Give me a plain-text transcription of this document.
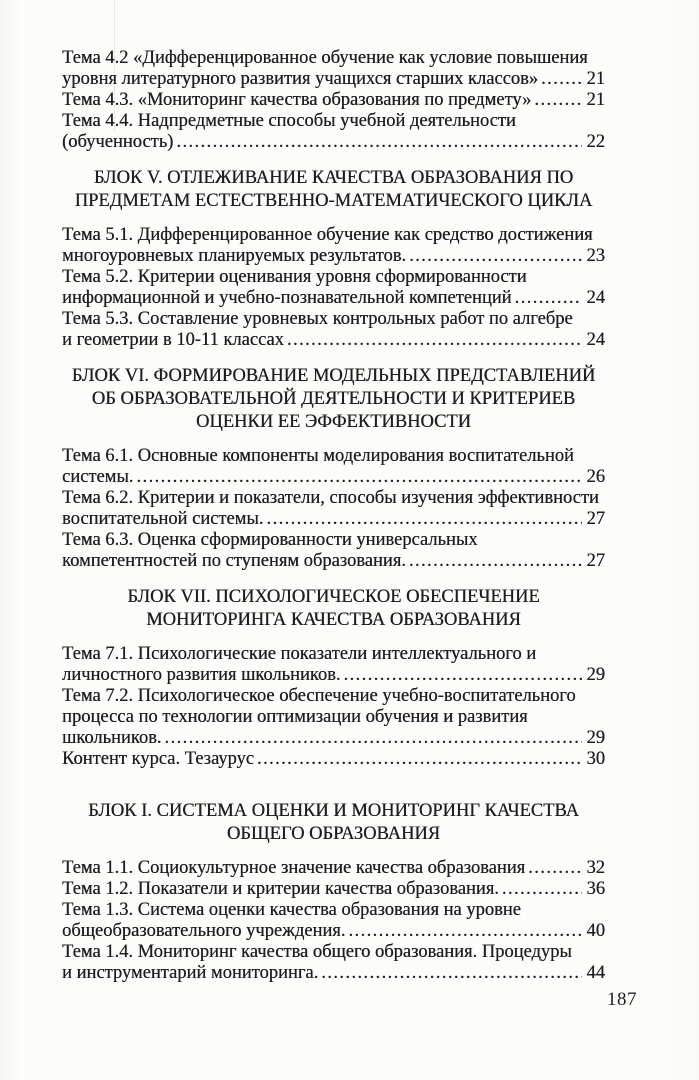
Тема 4.2 «Дифференцированное обучение как условие повышения
уровня литературного развития учащихся старших классов» .....	21
Тема 4.3. «Мониторинг качества образования по предмету» .....	21
Тема 4.4. Надпредметные способы учебной деятельности
(обученность) .....	22
БЛОК V. ОТЛЕЖИВАНИЕ КАЧЕСТВА ОБРАЗОВАНИЯ ПО
ПРЕДМЕТАМ ЕСТЕСТВЕННО-МАТЕМАТИЧЕСКОГО ЦИКЛА
Тема 5.1. Дифференцированное обучение как средство достижения
многоуровневых планируемых результатов. .....	23
Тема 5.2. Критерии оценивания уровня сформированности
информационной и учебно-познавательной компетенций .....	24
Тема 5.3. Составление уровневых контрольных работ по алгебре
и геометрии в 10-11 классах .....	24
БЛОК VI. ФОРМИРОВАНИЕ МОДЕЛЬНЫХ ПРЕДСТАВЛЕНИЙ
ОБ ОБРАЗОВАТЕЛЬНОЙ ДЕЯТЕЛЬНОСТИ И КРИТЕРИЕВ
ОЦЕНКИ ЕЕ ЭФФЕКТИВНОСТИ
Тема 6.1. Основные компоненты моделирования воспитательной
системы. .....	26
Тема 6.2. Критерии и показатели, способы изучения эффективности
воспитательной системы. .....	27
Тема 6.3. Оценка сформированности универсальных
компетентностей по ступеням образования. .....	27
БЛОК VII. ПСИХОЛОГИЧЕСКОЕ ОБЕСПЕЧЕНИЕ
МОНИТОРИНГА КАЧЕСТВА ОБРАЗОВАНИЯ
Тема 7.1. Психологические показатели интеллектуального и
личностного развития школьников. .....	29
Тема 7.2. Психологическое обеспечение учебно-воспитательного
процесса по технологии оптимизации обучения и развития
школьников. .....	29
Контент курса. Тезаурус .....	30
БЛОК I. СИСТЕМА ОЦЕНКИ И МОНИТОРИНГ КАЧЕСТВА
ОБЩЕГО ОБРАЗОВАНИЯ
Тема 1.1. Социокультурное значение качества образования .....	32
Тема 1.2. Показатели и критерии качества образования. .....	36
Тема 1.3. Система оценки качества образования на уровне
общеобразовательного учреждения. .....	40
Тема 1.4. Мониторинг качества общего образования. Процедуры
и инструментарий мониторинга. .....	44
187
